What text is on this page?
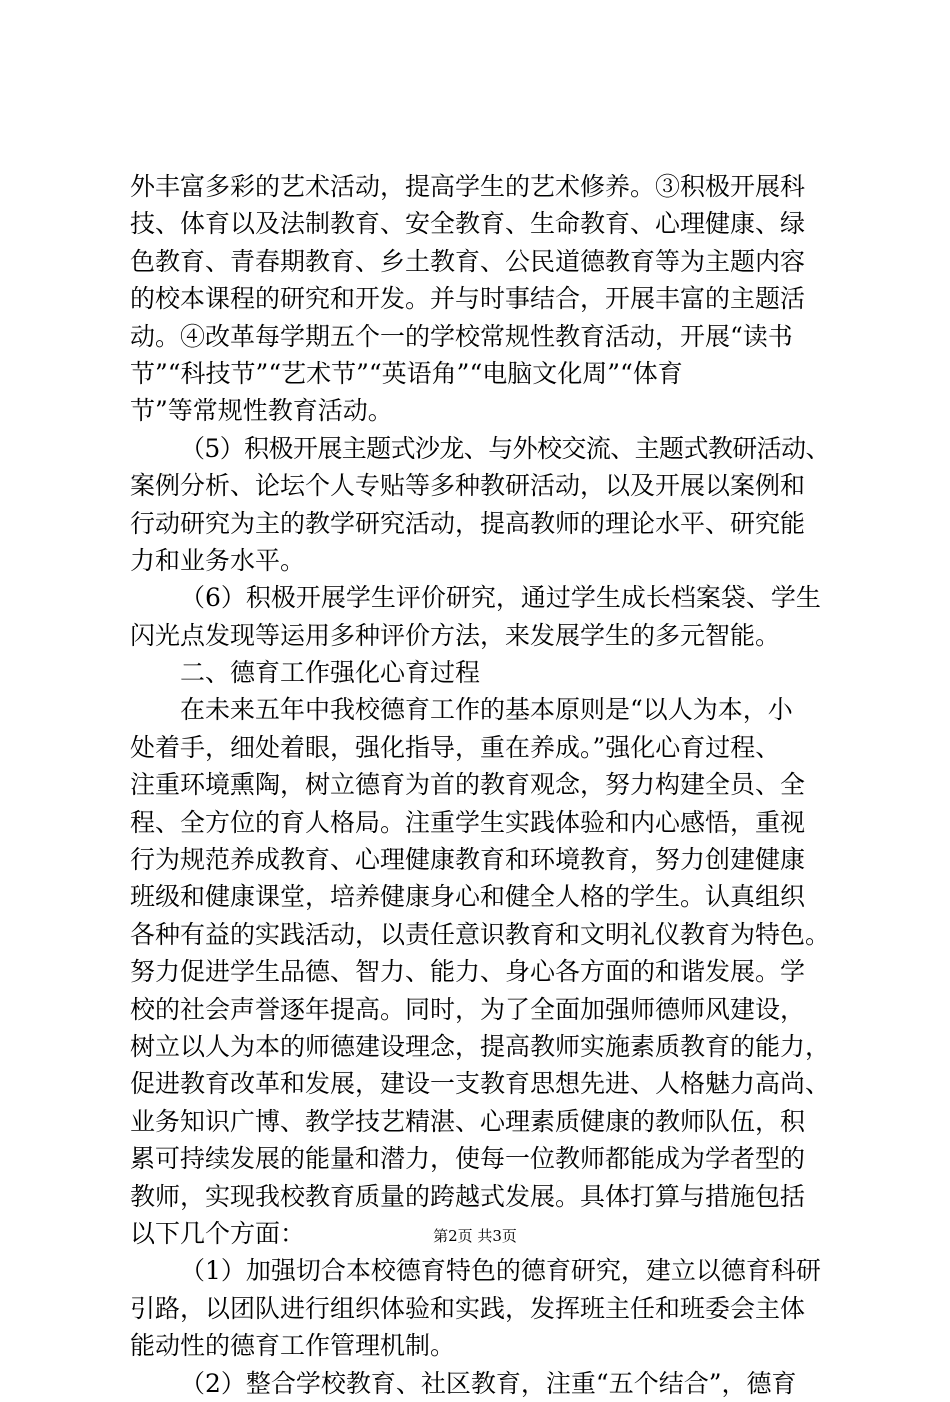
外丰富多彩的艺术活动，提高学生的艺术修养。③积极开展科
技、体育以及法制教育、安全教育、生命教育、心理健康、绿
色教育、青春期教育、乡土教育、公民道德教育等为主题内容
的校本课程的研究和开发。并与时事结合，开展丰富的主题活
动。④改革每学期五个一的学校常规性教育活动，开展“读书
节”“科技节”“艺术节”“英语角”“电脑文化周”“体育
节”等常规性教育活动。
（5）积极开展主题式沙龙、与外校交流、主题式教研活动、
案例分析、论坛个人专贴等多种教研活动，以及开展以案例和
行动研究为主的教学研究活动，提高教师的理论水平、研究能
力和业务水平。
（6）积极开展学生评价研究，通过学生成长档案袋、学生
闪光点发现等运用多种评价方法，来发展学生的多元智能。
二、德育工作强化心育过程
在未来五年中我校德育工作的基本原则是“以人为本，小
处着手，细处着眼，强化指导，重在养成。”强化心育过程、
注重环境熏陶，树立德育为首的教育观念，努力构建全员、全
程、全方位的育人格局。注重学生实践体验和内心感悟，重视
行为规范养成教育、心理健康教育和环境教育，努力创建健康
班级和健康课堂，培养健康身心和健全人格的学生。认真组织
各种有益的实践活动，以责任意识教育和文明礼仪教育为特色。
努力促进学生品德、智力、能力、身心各方面的和谐发展。学
校的社会声誉逐年提高。同时，为了全面加强师德师风建设，
树立以人为本的师德建设理念，提高教师实施素质教育的能力，
促进教育改革和发展，建设一支教育思想先进、人格魅力高尚、
业务知识广博、教学技艺精湛、心理素质健康的教师队伍，积
累可持续发展的能量和潜力，使每一位教师都能成为学者型的
教师，实现我校教育质量的跨越式发展。具体打算与措施包括
以下几个方面：
（1）加强切合本校德育特色的德育研究，建立以德育科研
引路，以团队进行组织体验和实践，发挥班主任和班委会主体
能动性的德育工作管理机制。
（2）整合学校教育、社区教育，注重“五个结合”，德育
第2页 共3页
